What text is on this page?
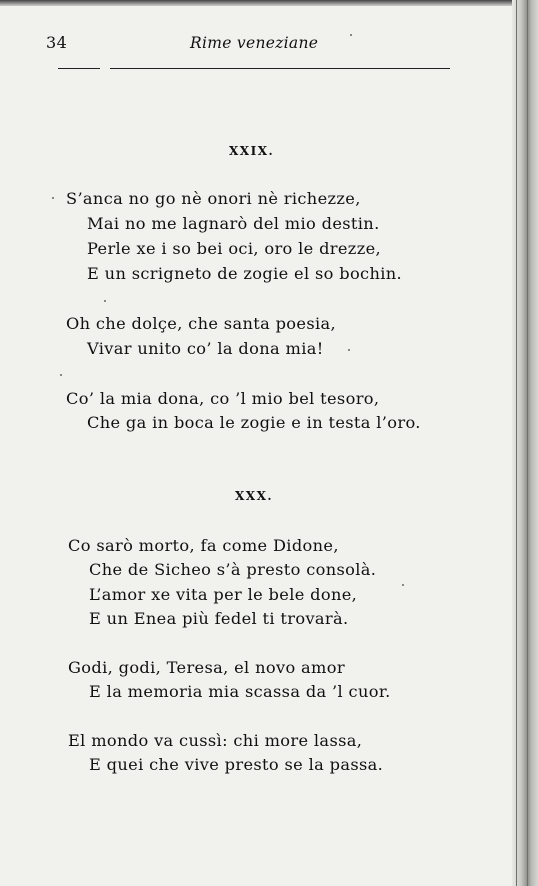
34	Rime veneziane
XXIX.
S’anca no go nè onori nè richezze,
Mai no me lagnarò del mio destin.
Perle xe i so bei oci, oro le drezze,
E un scrigneto de zogie el so bochin.
Oh che dolçe, che santa poesia,
Vivar unito co’ la dona mia!
Co’ la mia dona, co ’l mio bel tesoro,
Che ga in boca le zogie e in testa l’oro.
XXX.
Co sarò morto, fa come Didone,
Che de Sicheo s’à presto consolà.
L’amor xe vita per le bele done,
E un Enea più fedel ti trovarà.
Godi, godi, Teresa, el novo amor
E la memoria mia scassa da ’l cuor.
El mondo va cussì: chi more lassa,
E quei che vive presto se la passa.
